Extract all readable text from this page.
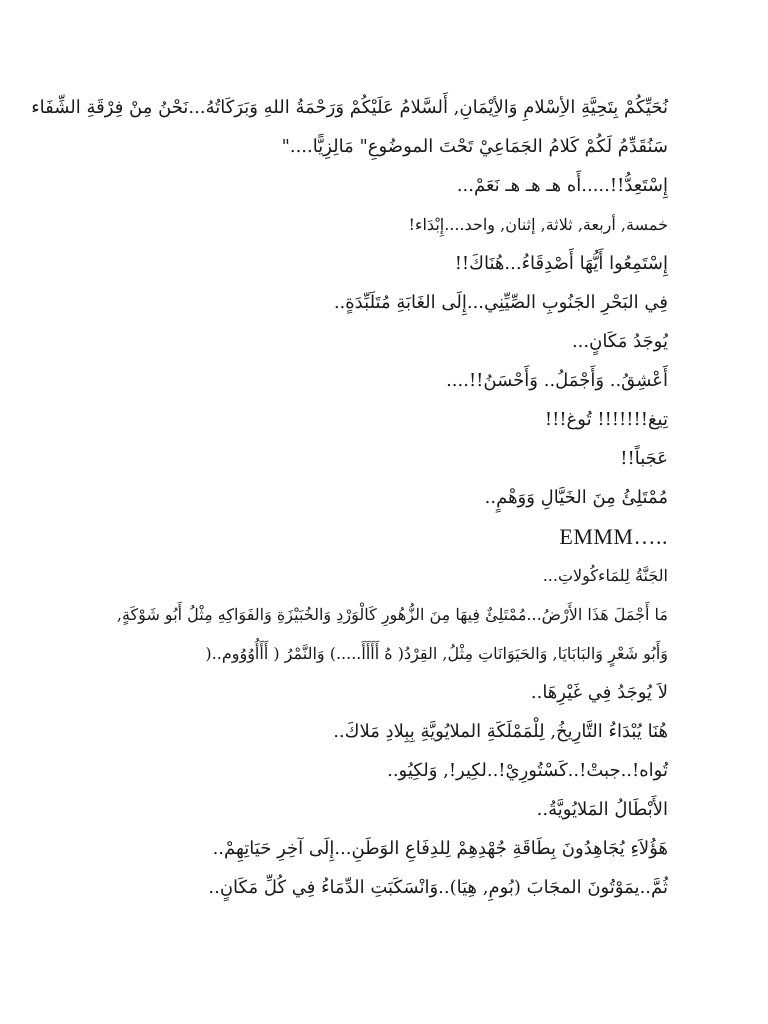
نُحَيِّكُمْ بِتَحِيَّةِ الأِسْلامِ وَالأِيْمَانِ, أَلسَّلامُ عَلَيْكُمْ وَرَحْمَةُ اللهِ وَبَرَكَاتُهُ...نَحْنُ مِنْ فِرْقَةِ الشِّفَاء
سَنُقَدِّمُ لَكُمْ كَلامُ الجَمَاعِيْ تَحْتَ الموضُوعِ" مَالِزِيًّا...."
إِسْتَعِدُّ!!.....أَه هـ هـ هـ نَعَمْ...
خمسة, أربعة, ثلاثة, إثنان, واحد....إِبْدَاء!
إِسْتَمِعُوا أَيُّهَا أَصْدِقَاءُ...هُنَاكَ!!
فِي البَحْرِ الجَنُوبِ الصِّيِّنِي...إِلَى الغَابَةِ مُتَلَبِّدَةٍ..
يُوجَدُ مَكَانٍ...
أَعْشِقُ.. وَأَجْمَلُ.. وَأَحْسَنُ!!....
تِيغ!!!!!!! تُوغ!!!
عَجَباً!!
مُمْتَلِئُ مِنَ الخَيَّالِ وَوَهْمٍ..
EMMM…..
الجَنَّةُ لِلمَاءكُولاتِ...
مَا أَجْمَلَ هَذَا الأَرْضُ...مُمْتَلِئٌ فِيهَا مِنَ الزُّهُورِ كَالْوَرْدِ وَالخُبَيْزَةِ وَالفَوَاكِهِ مِثْلُ أَبُو شَوْكَةٍ,
وَأَبُو شَعْرٍ وَالبَابَايَا, وَالحَيَوَانَاتِ مِثْلُ, القِرْدُ( هُ أَأَأَأَ.....) وَالنَّمْرُ ( أَأَأُوُوُوم..(
لاَ يُوجَدُ فِي غَيْرِهَا..
هُنَا يُبْدَاءُ التَّارِيخُ, لِلْمَمْلَكَةِ الملايُويَّةِ بِبِلادِ مَلاكَ..
تُواه!..جبتْ!..كَسْتُورِيْ!..لكِير!, وَلكِيُو..
الأَبْطَالُ المَلايُويَّةُ..
هَؤُلاَءِ يُجَاهِدُونَ بِطَاقَةِ جُهْدِهِمْ لِلدِفَاعِ الوَطَنِ...إِلَى آخِرِ حَيَاتِهِمْ..
ثُمَّ..يمَوْتُونَ المجَابَ (بُومِ, هِيَا)..وَانْسَكَبَتِ الدِّمَاءُ فِي كُلِّ مَكَانٍ..
